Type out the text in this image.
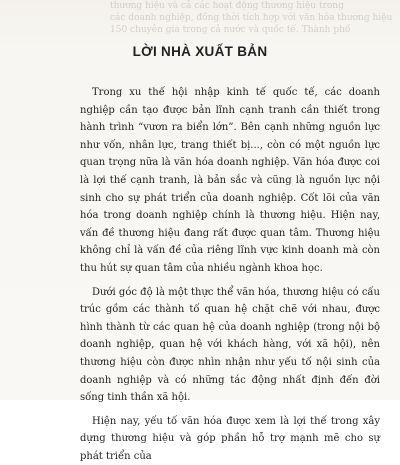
thương hiệu và cả các hoạt động thương hiệu trong
các doanh nghiệp, đồng thời tích hợp với văn hóa thương hiệu
150 chuyên gia trong cả nước và quốc tế. Thành phố
LỜI NHÀ XUẤT BẢN

Trong xu thế hội nhập kinh tế quốc tế, các doanh nghiệp cần tạo được bản lĩnh cạnh tranh cần thiết trong hành trình “vươn ra biển lớn”. Bên cạnh những nguồn lực như vốn, nhân lực, trang thiết bị..., còn có một nguồn lực quan trọng nữa là văn hóa doanh nghiệp. Văn hóa được coi là lợi thế cạnh tranh, là bản sắc và cũng là nguồn lực nội sinh cho sự phát triển của doanh nghiệp. Cốt lõi của văn hóa trong doanh nghiệp chính là thương hiệu. Hiện nay, vấn đề thương hiệu đang rất được quan tâm. Thương hiệu không chỉ là vấn đề của riêng lĩnh vực kinh doanh mà còn thu hút sự quan tâm của nhiều ngành khoa học.

Dưới góc độ là một thực thể văn hóa, thương hiệu có cấu trúc gồm các thành tố quan hệ chặt chẽ với nhau, được hình thành từ các quan hệ của doanh nghiệp (trong nội bộ doanh nghiệp, quan hệ với khách hàng, với xã hội), nên thương hiệu còn được nhìn nhận như yếu tố nội sinh của doanh nghiệp và có những tác động nhất định đến đời sống tinh thần xã hội.

Hiện nay, yếu tố văn hóa được xem là lợi thế trong xây dựng thương hiệu và góp phần hỗ trợ mạnh mẽ cho sự phát triển của
